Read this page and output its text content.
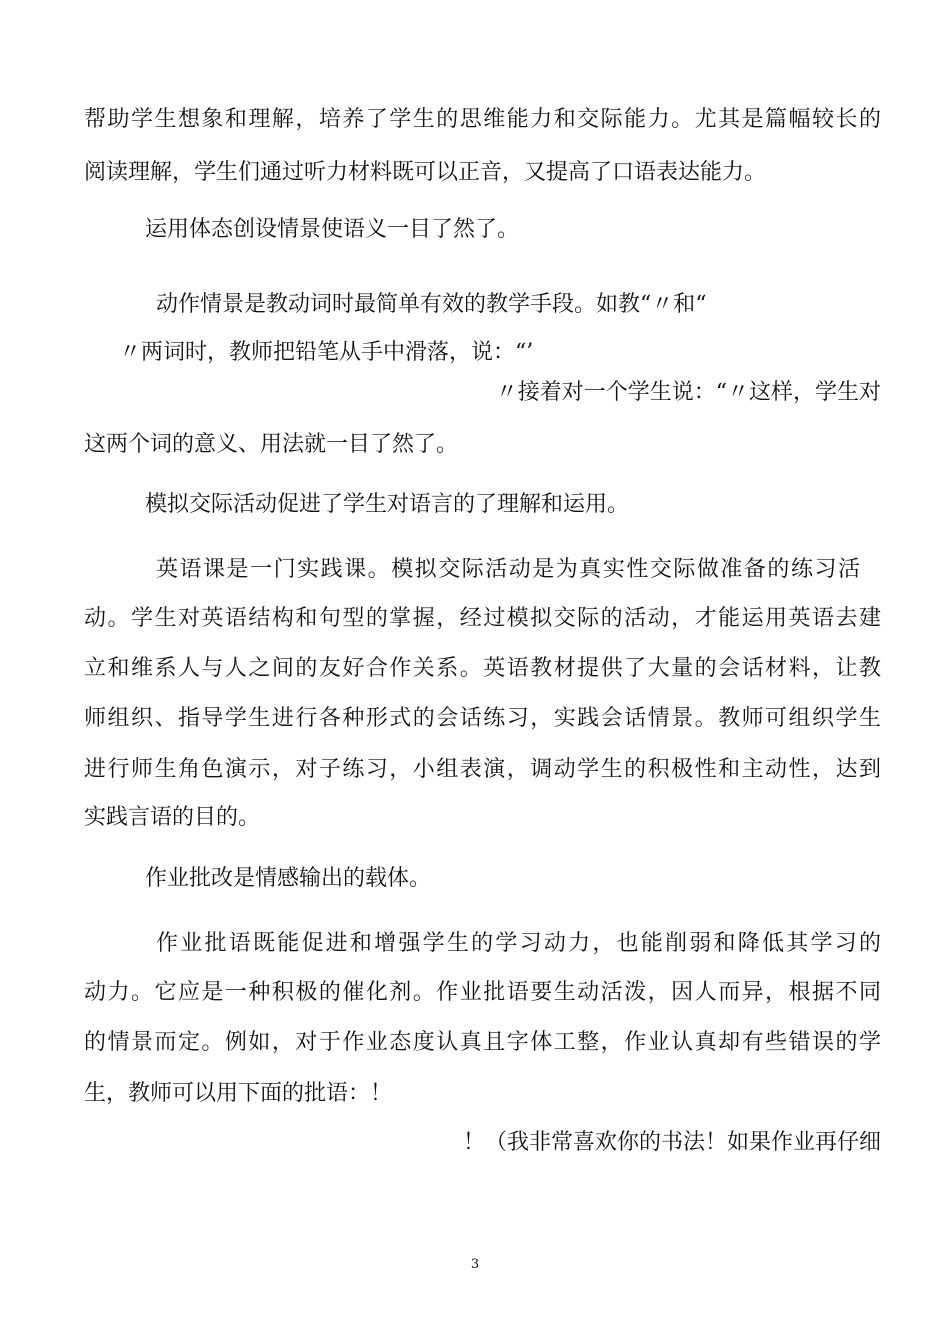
帮助学生想象和理解，培养了学生的思维能力和交际能力。尤其是篇幅较长的
阅读理解，学生们通过听力材料既可以正音，又提高了口语表达能力。
运用体态创设情景使语义一目了然了。
动作情景是教动词时最简单有效的教学手段。如教“〃和“
〃两词时，教师把铅笔从手中滑落，说：“’
〃接着对一个学生说：“〃这样，学生对
这两个词的意义、用法就一目了然了。
模拟交际活动促进了学生对语言的了理解和运用。
英语课是一门实践课。模拟交际活动是为真实性交际做准备的练习活
动。学生对英语结构和句型的掌握，经过模拟交际的活动，才能运用英语去建
立和维系人与人之间的友好合作关系。英语教材提供了大量的会话材料，让教
师组织、指导学生进行各种形式的会话练习，实践会话情景。教师可组织学生
进行师生角色演示，对子练习，小组表演，调动学生的积极性和主动性，达到
实践言语的目的。
作业批改是情感输出的载体。
作业批语既能促进和增强学生的学习动力，也能削弱和降低其学习的
动力。它应是一种积极的催化剂。作业批语要生动活泼，因人而异，根据不同
的情景而定。例如，对于作业态度认真且字体工整，作业认真却有些错误的学
生，教师可以用下面的批语：！
！（我非常喜欢你的书法！如果作业再仔细
3
